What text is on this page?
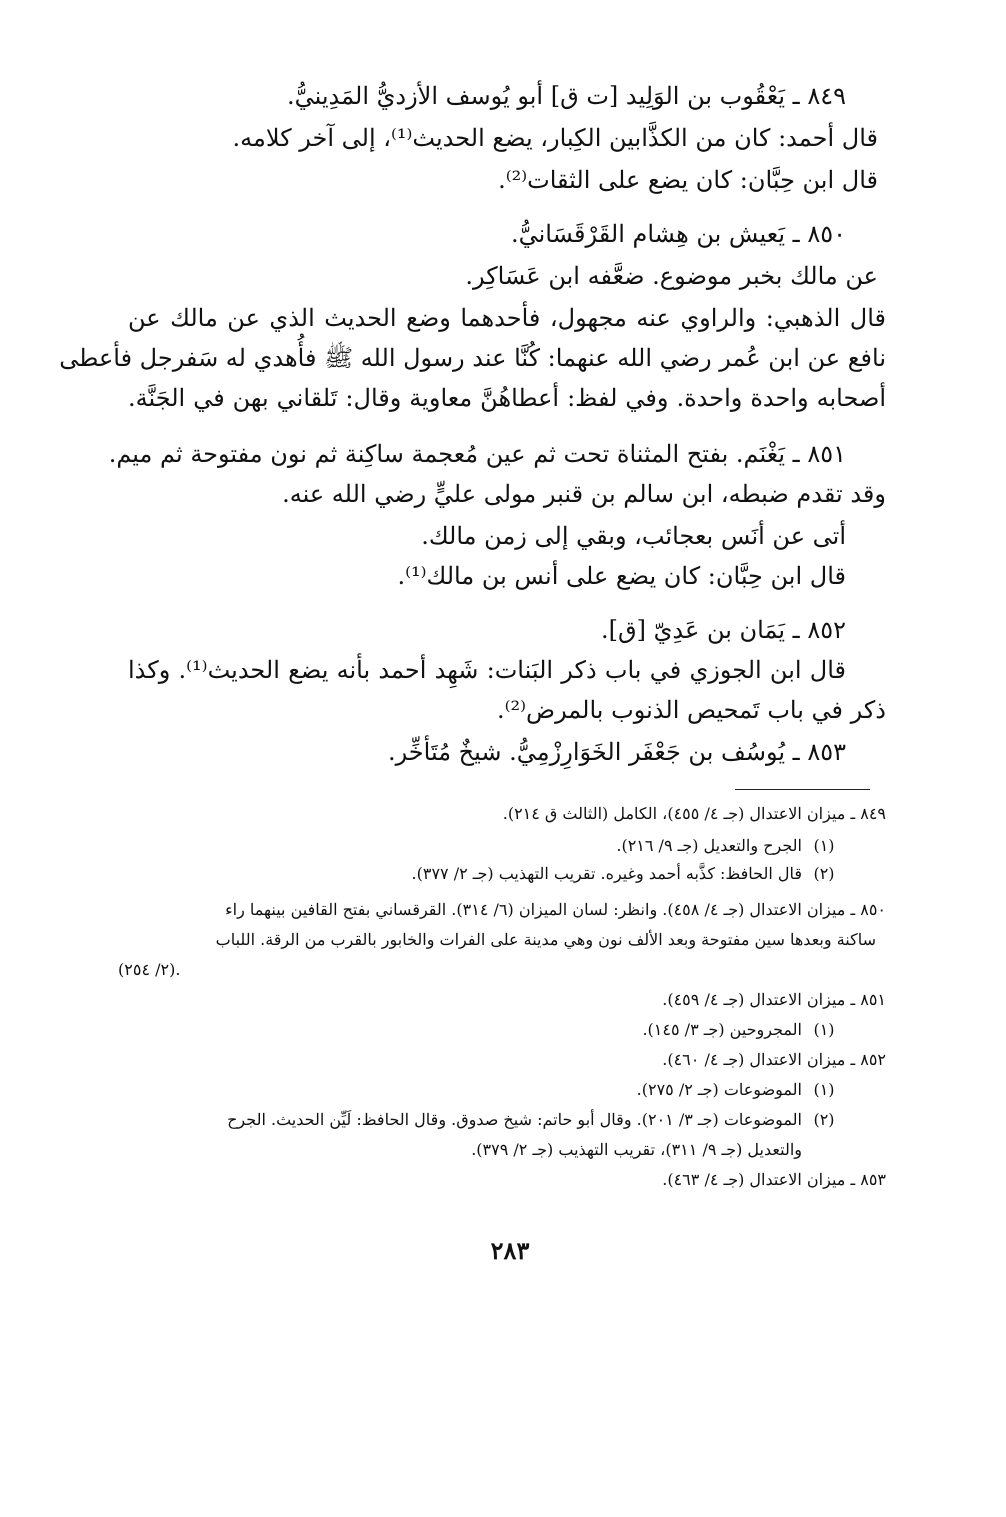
٨٤٩ ـ يَعْقُوب بن الوَلِيد [ت ق] أبو يُوسف الأزديُّ المَدِينيُّ.
قال أحمد: كان من الكذَّابين الكِبار، يضع الحديث⁽¹⁾، إلى آخر كلامه.
قال ابن حِبَّان: كان يضع على الثقات⁽²⁾.
٨٥٠ ـ يَعيش بن هِشام القَرْقَسَانيُّ.
عن مالك بخبر موضوع. ضعَّفه ابن عَسَاكِر.
قال الذهبي: والراوي عنه مجهول، فأحدهما وضع الحديث الذي عن مالك عن
نافع عن ابن عُمر رضي الله عنهما: كُنَّا عند رسول الله ﷺ فأُهدي له سَفرجل فأعطى
أصحابه واحدة واحدة. وفي لفظ: أعطاهُنَّ معاوية وقال: تَلقاني بهن في الجَنَّة.
٨٥١ ـ يَغْنَم. بفتح المثناة تحت ثم عين مُعجمة ساكِنة ثم نون مفتوحة ثم ميم.
وقد تقدم ضبطه، ابن سالم بن قنبر مولى عليٍّ رضي الله عنه.
أتى عن أنَس بعجائب، وبقي إلى زمن مالك.
قال ابن حِبَّان: كان يضع على أنس بن مالك⁽¹⁾.
٨٥٢ ـ يَمَان بن عَدِيّ [ق].
قال ابن الجوزي في باب ذكر البَنات: شَهِد أحمد بأنه يضع الحديث⁽¹⁾. وكذا
ذكر في باب تَمحيص الذنوب بالمرض⁽²⁾.
٨٥٣ ـ يُوسُف بن جَعْفَر الخَوَارِزْمِيُّ. شيخٌ مُتَأخِّر.
٨٤٩ ـ ميزان الاعتدال (جـ ٤/ ٤٥٥)، الكامل (الثالث ق ٢١٤).
(١)الجرح والتعديل (جـ ٩/ ٢١٦).
(٢)قال الحافظ: كذَّبه أحمد وغيره. تقريب التهذيب (جـ ٢/ ٣٧٧).
٨٥٠ ـ ميزان الاعتدال (جـ ٤/ ٤٥٨). وانظر: لسان الميزان (٦/ ٣١٤). القرقساني بفتح القافين بينهما راء
ساكنة وبعدها سين مفتوحة وبعد الألف نون وهي مدينة على الفرات والخابور بالقرب من الرقة. اللباب
(٢/ ٢٥٤).
٨٥١ ـ ميزان الاعتدال (جـ ٤/ ٤٥٩).
(١)المجروحين (جـ ٣/ ١٤٥).
٨٥٢ ـ ميزان الاعتدال (جـ ٤/ ٤٦٠).
(١)الموضوعات (جـ ٢/ ٢٧٥).
(٢)الموضوعات (جـ ٣/ ٢٠١). وقال أبو حاتم: شيخ صدوق. وقال الحافظ: لَيِّن الحديث. الجرح
والتعديل (جـ ٩/ ٣١١)، تقريب التهذيب (جـ ٢/ ٣٧٩).
٨٥٣ ـ ميزان الاعتدال (جـ ٤/ ٤٦٣).
٢٨٣
